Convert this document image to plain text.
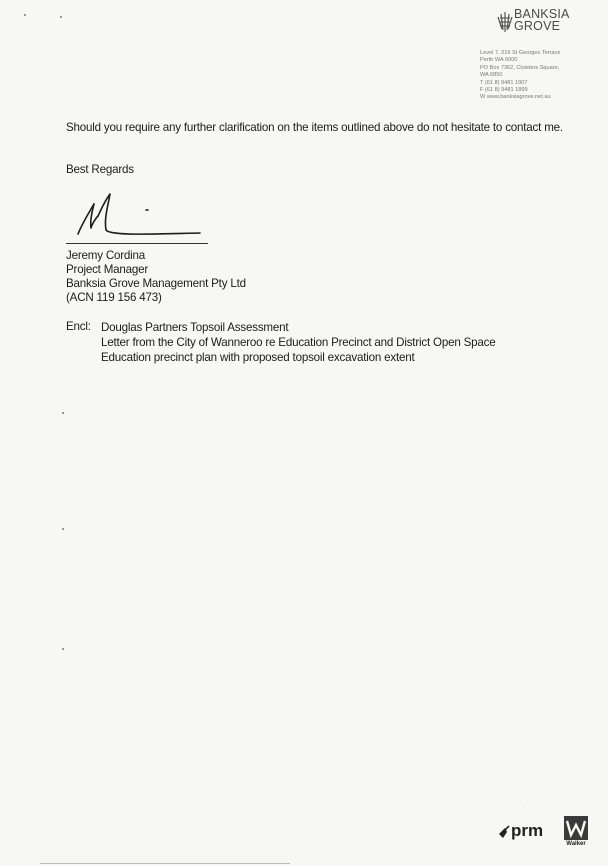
BANKSIA
GROVE
Level 7, 216 St Georges Terrace
Perth WA 6000
PO Box 7362, Cloisters Square,
WA 6850
T (61 8) 9481 1907
F (61 8) 9481 1899
W www.banksiagrove.net.au
Should you require any further clarification on the items outlined above do not hesitate to contact me.
Best Regards
Jeremy Cordina
Project Manager
Banksia Grove Management Pty Ltd
(ACN 119 156 473)
Encl: Douglas Partners Topsoil Assessment
Letter from the City of Wanneroo re Education Precinct and District Open Space
Education precinct plan with proposed topsoil excavation extent
· · · · · ·
prm
Walker
